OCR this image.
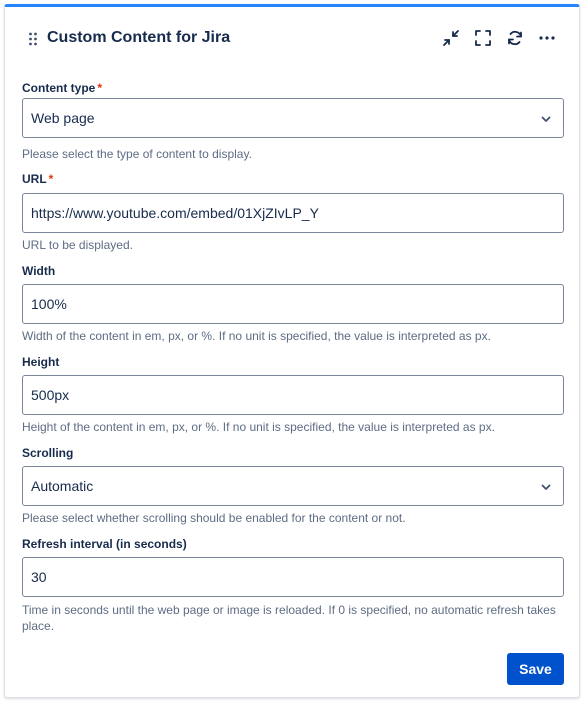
Custom Content for Jira
Content type *
Web page
Please select the type of content to display.
URL *
https://www.youtube.com/embed/01XjZIvLP_Y
URL to be displayed.
Width
100%
Width of the content in em, px, or %. If no unit is specified, the value is interpreted as px.
Height
500px
Height of the content in em, px, or %. If no unit is specified, the value is interpreted as px.
Scrolling
Automatic
Please select whether scrolling should be enabled for the content or not.
Refresh interval (in seconds)
30
Time in seconds until the web page or image is reloaded. If 0 is specified, no automatic refresh takes place.
Save
